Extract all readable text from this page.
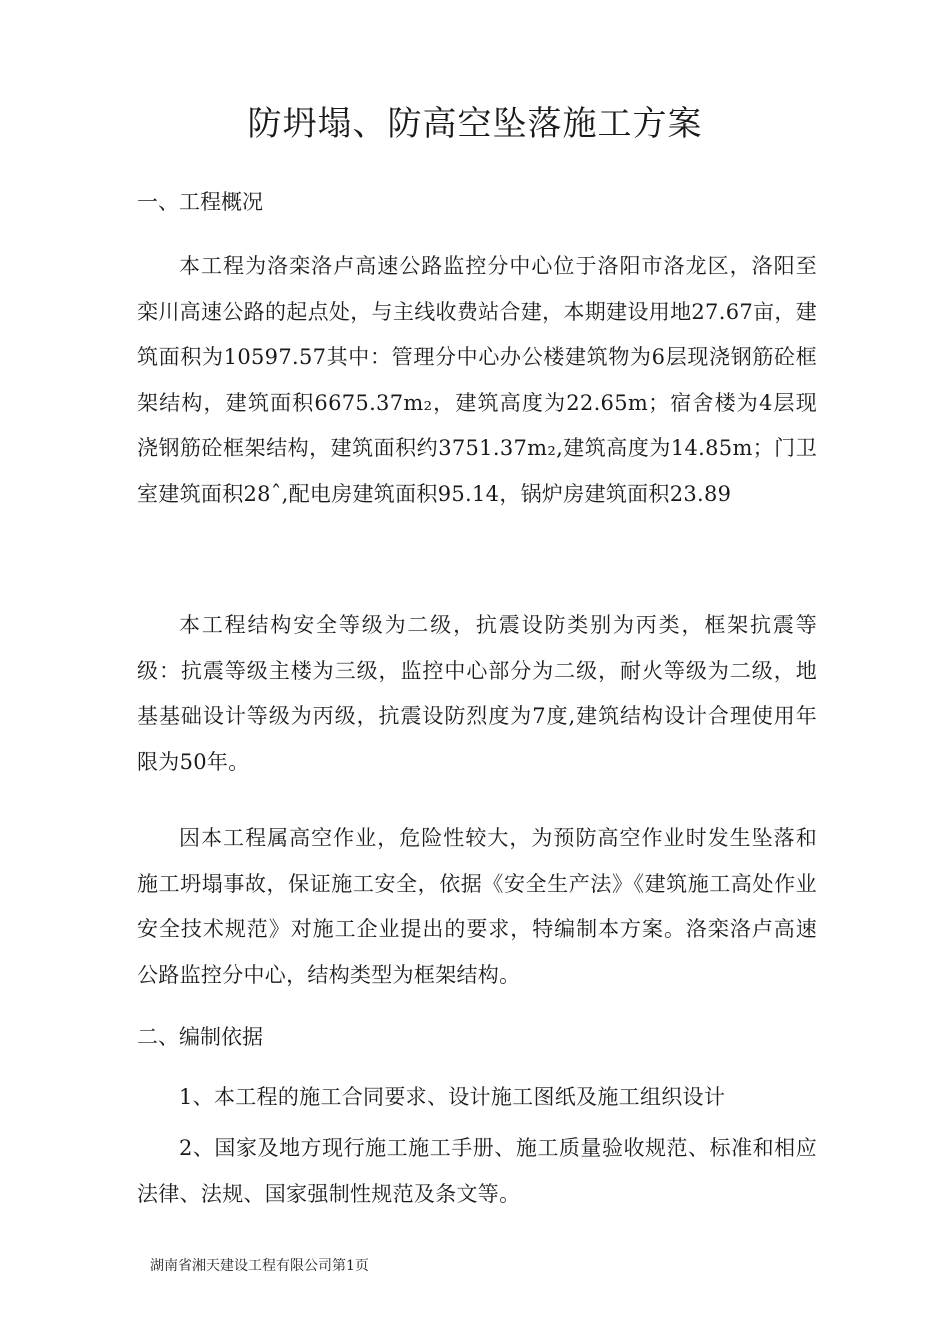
防坍塌、防高空坠落施工方案
一、工程概况

本工程为洛栾洛卢高速公路监控分中心位于洛阳市洛龙区，洛阳至栾川高速公路的起点处，与主线收费站合建，本期建设用地27.67亩，建筑面积为10597.57其中：管理分中心办公楼建筑物为6层现浇钢筋砼框架结构，建筑面积6675.37m₂，建筑高度为22.65m；宿舍楼为4层现浇钢筋砼框架结构，建筑面积约3751.37m₂,建筑高度为14.85m；门卫室建筑面积28ˆ,配电房建筑面积95.14，锅炉房建筑面积23.89

本工程结构安全等级为二级，抗震设防类别为丙类，框架抗震等级：抗震等级主楼为三级，监控中心部分为二级，耐火等级为二级，地基基础设计等级为丙级，抗震设防烈度为7度,建筑结构设计合理使用年限为50年。

因本工程属高空作业，危险性较大，为预防高空作业时发生坠落和施工坍塌事故，保证施工安全，依据《安全生产法》《建筑施工高处作业安全技术规范》对施工企业提出的要求，特编制本方案。洛栾洛卢高速公路监控分中心，结构类型为框架结构。

二、编制依据

1、本工程的施工合同要求、设计施工图纸及施工组织设计

2、国家及地方现行施工施工手册、施工质量验收规范、标准和相应法律、法规、国家强制性规范及条文等。

湖南省湘天建设工程有限公司第1页
